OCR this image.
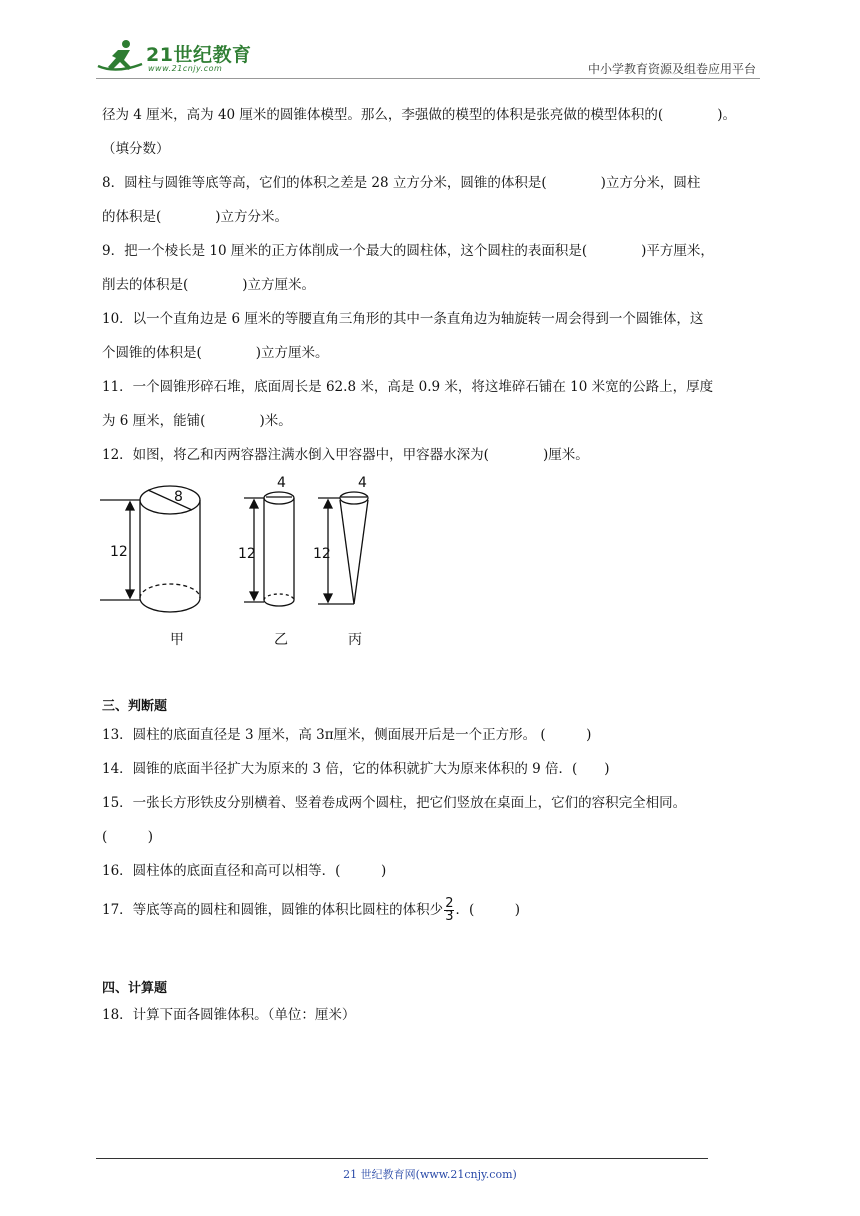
21世纪教育
www.21cnjy.com	中小学教育资源及组卷应用平台
径为 4 厘米，高为 40 厘米的圆锥体模型。那么，李强做的模型的体积是张亮做的模型体积的(　　　　)。
（填分数）
8．圆柱与圆锥等底等高，它们的体积之差是 28 立方分米，圆锥的体积是(　　　　)立方分米，圆柱
的体积是(　　　　)立方分米。
9．把一个棱长是 10 厘米的正方体削成一个最大的圆柱体，这个圆柱的表面积是(　　　　)平方厘米，
削去的体积是(　　　　)立方厘米。
10．以一个直角边是 6 厘米的等腰直角三角形的其中一条直角边为轴旋转一周会得到一个圆锥体，这
个圆锥的体积是(　　　　)立方厘米。
11．一个圆锥形碎石堆，底面周长是 62.8 米，高是 0.9 米，将这堆碎石铺在 10 米宽的公路上，厚度
为 6 厘米，能铺(　　　　)米。
12．如图，将乙和丙两容器注满水倒入甲容器中，甲容器水深为(　　　　)厘米。
8
12
4
12
4
12
甲	乙	丙
三、判断题
13．圆柱的底面直径是 3 厘米，高 3π厘米，侧面展开后是一个正方形。 (　　　)
14．圆锥的底面半径扩大为原来的 3 倍，它的体积就扩大为原来体积的 9 倍．(　　)
15．一张长方形铁皮分别横着、竖着卷成两个圆柱，把它们竖放在桌面上，它们的容积完全相同。
(　　　)
16．圆柱体的底面直径和高可以相等．(　　　)
17．等底等高的圆柱和圆锥，圆锥的体积比圆柱的体积少 $\frac{2}{3}$ ．(　　　)
四、计算题
18．计算下面各圆锥体积。（单位：厘米）
21 世纪教育网(www.21cnjy.com)
